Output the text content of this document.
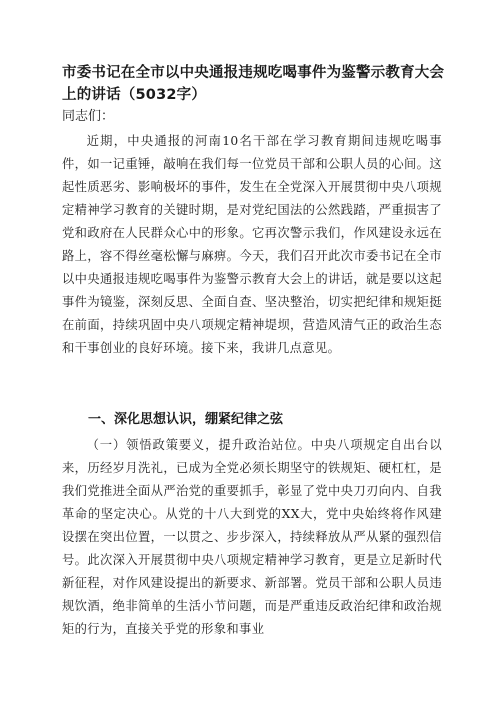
市委书记在全市以中央通报违规吃喝事件为鉴警示教育大会上的讲话（5032字）
同志们：

近期，中央通报的河南10名干部在学习教育期间违规吃喝事件，如一记重锤，敲响在我们每一位党员干部和公职人员的心间。这起性质恶劣、影响极坏的事件，发生在全党深入开展贯彻中央八项规定精神学习教育的关键时期，是对党纪国法的公然践踏，严重损害了党和政府在人民群众心中的形象。它再次警示我们，作风建设永远在路上，容不得丝毫松懈与麻痹。今天，我们召开此次市委书记在全市以中央通报违规吃喝事件为鉴警示教育大会上的讲话，就是要以这起事件为镜鉴，深刻反思、全面自查、坚决整治，切实把纪律和规矩挺在前面，持续巩固中央八项规定精神堤坝，营造风清气正的政治生态和干事创业的良好环境。接下来，我讲几点意见。

一、深化思想认识，绷紧纪律之弦

（一）领悟政策要义，提升政治站位。中央八项规定自出台以来，历经岁月洗礼，已成为全党必须长期坚守的铁规矩、硬杠杠，是我们党推进全面从严治党的重要抓手，彰显了党中央刀刃向内、自我革命的坚定决心。从党的十八大到党的XX大，党中央始终将作风建设摆在突出位置，一以贯之、步步深入，持续释放从严从紧的强烈信号。此次深入开展贯彻中央八项规定精神学习教育，更是立足新时代新征程，对作风建设提出的新要求、新部署。党员干部和公职人员违规饮酒，绝非简单的生活小节问题，而是严重违反政治纪律和政治规矩的行为，直接关乎党的形象和事业
